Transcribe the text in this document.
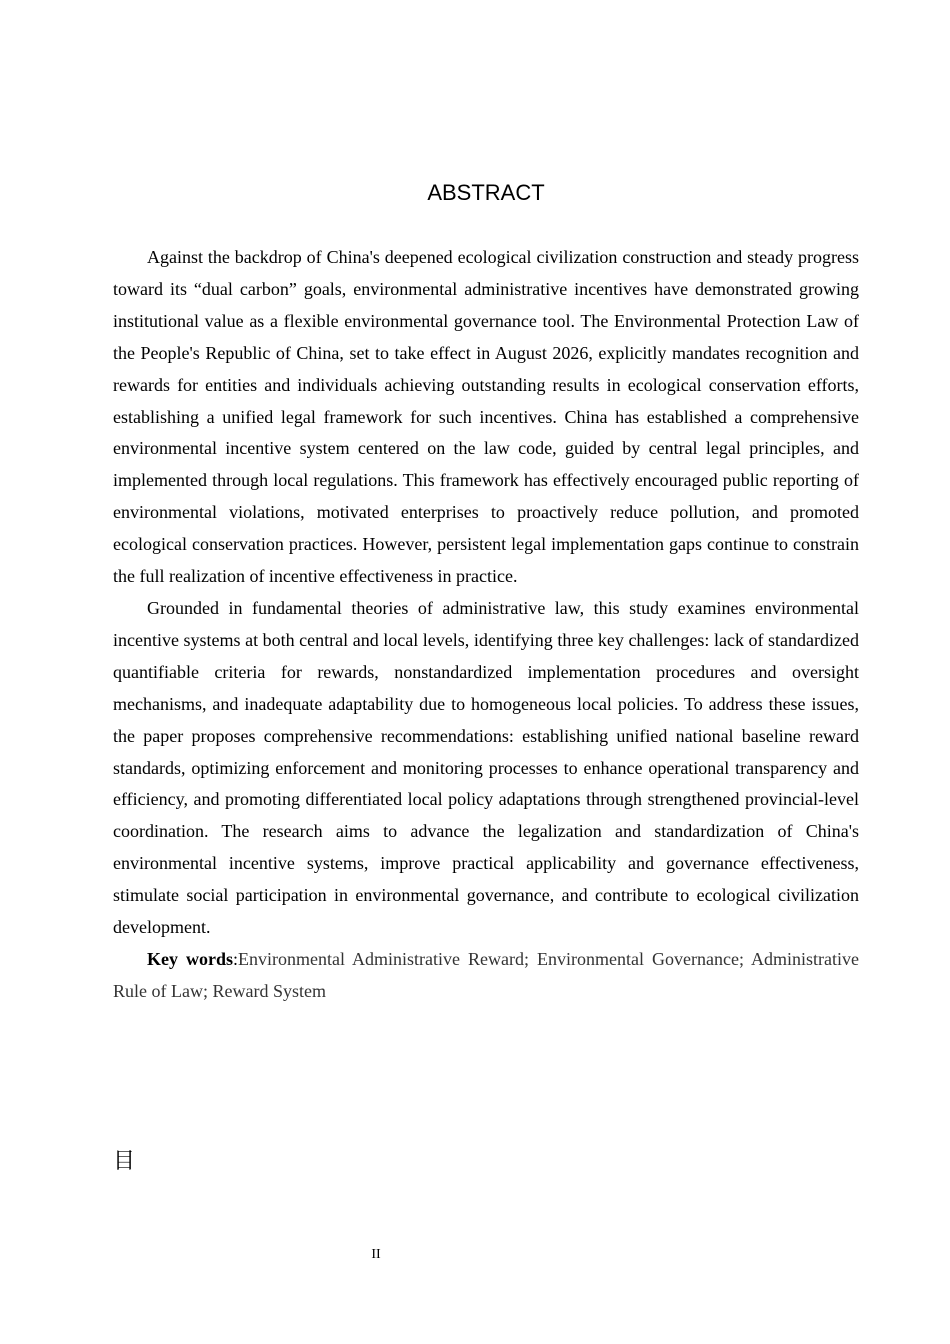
ABSTRACT

Against the backdrop of China's deepened ecological civilization construction and steady progress toward its “dual carbon” goals, environmental administrative incentives have demonstrated growing institutional value as a flexible environmental governance tool. The Environmental Protection Law of the People's Republic of China, set to take effect in August 2026, explicitly mandates recognition and rewards for entities and individuals achieving outstanding results in ecological conservation efforts, establishing a unified legal framework for such incentives. China has established a comprehensive environmental incentive system centered on the law code, guided by central legal principles, and implemented through local regulations. This framework has effectively encouraged public reporting of environmental violations, motivated enterprises to proactively reduce pollution, and promoted ecological conservation practices. However, persistent legal implementation gaps continue to constrain the full realization of incentive effectiveness in practice.

Grounded in fundamental theories of administrative law, this study examines environmental incentive systems at both central and local levels, identifying three key challenges: lack of standardized quantifiable criteria for rewards, nonstandardized implementation procedures and oversight mechanisms, and inadequate adaptability due to homogeneous local policies. To address these issues, the paper proposes comprehensive recommendations: establishing unified national baseline reward standards, optimizing enforcement and monitoring processes to enhance operational transparency and efficiency, and promoting differentiated local policy adaptations through strengthened provincial-level coordination. The research aims to advance the legalization and standardization of China's environmental incentive systems, improve practical applicability and governance effectiveness, stimulate social participation in environmental governance, and contribute to ecological civilization development.

Key words:Environmental Administrative Reward; Environmental Governance; Administrative Rule of Law; Reward System

目
II
